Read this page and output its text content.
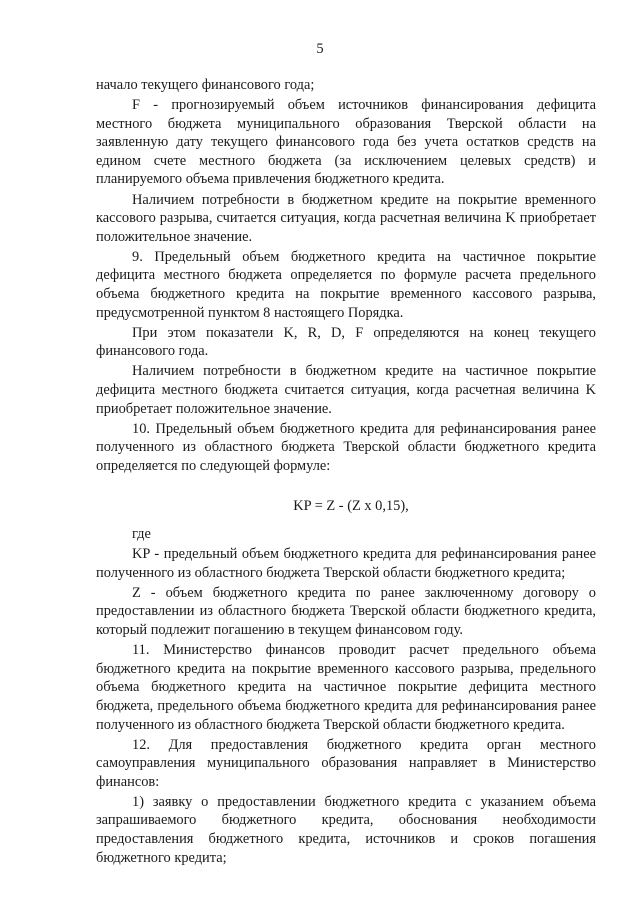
5

начало текущего финансового года;

F - прогнозируемый объем источников финансирования дефицита местного бюджета муниципального образования Тверской области на заявленную дату текущего финансового года без учета остатков средств на едином счете местного бюджета (за исключением целевых средств) и планируемого объема привлечения бюджетного кредита.

Наличием потребности в бюджетном кредите на покрытие временного кассового разрыва, считается ситуация, когда расчетная величина K приобретает положительное значение.

9. Предельный объем бюджетного кредита на частичное покрытие дефицита местного бюджета определяется по формуле расчета предельного объема бюджетного кредита на покрытие временного кассового разрыва, предусмотренной пунктом 8 настоящего Порядка.

При этом показатели K, R, D, F определяются на конец текущего финансового года.

Наличием потребности в бюджетном кредите на частичное покрытие дефицита местного бюджета считается ситуация, когда расчетная величина K приобретает положительное значение.

10. Предельный объем бюджетного кредита для рефинансирования ранее полученного из областного бюджета Тверской области бюджетного кредита определяется по следующей формуле:

KP = Z - (Z x 0,15),

где

KP - предельный объем бюджетного кредита для рефинансирования ранее полученного из областного бюджета Тверской области бюджетного кредита;

Z - объем бюджетного кредита по ранее заключенному договору о предоставлении из областного бюджета Тверской области бюджетного кредита, который подлежит погашению в текущем финансовом году.

11. Министерство финансов проводит расчет предельного объема бюджетного кредита на покрытие временного кассового разрыва, предельного объема бюджетного кредита на частичное покрытие дефицита местного бюджета, предельного объема бюджетного кредита для рефинансирования ранее полученного из областного бюджета Тверской области бюджетного кредита.

12. Для предоставления бюджетного кредита орган местного самоуправления муниципального образования направляет в Министерство финансов:

1) заявку о предоставлении бюджетного кредита с указанием объема запрашиваемого бюджетного кредита, обоснования необходимости предоставления бюджетного кредита, источников и сроков погашения бюджетного кредита;
